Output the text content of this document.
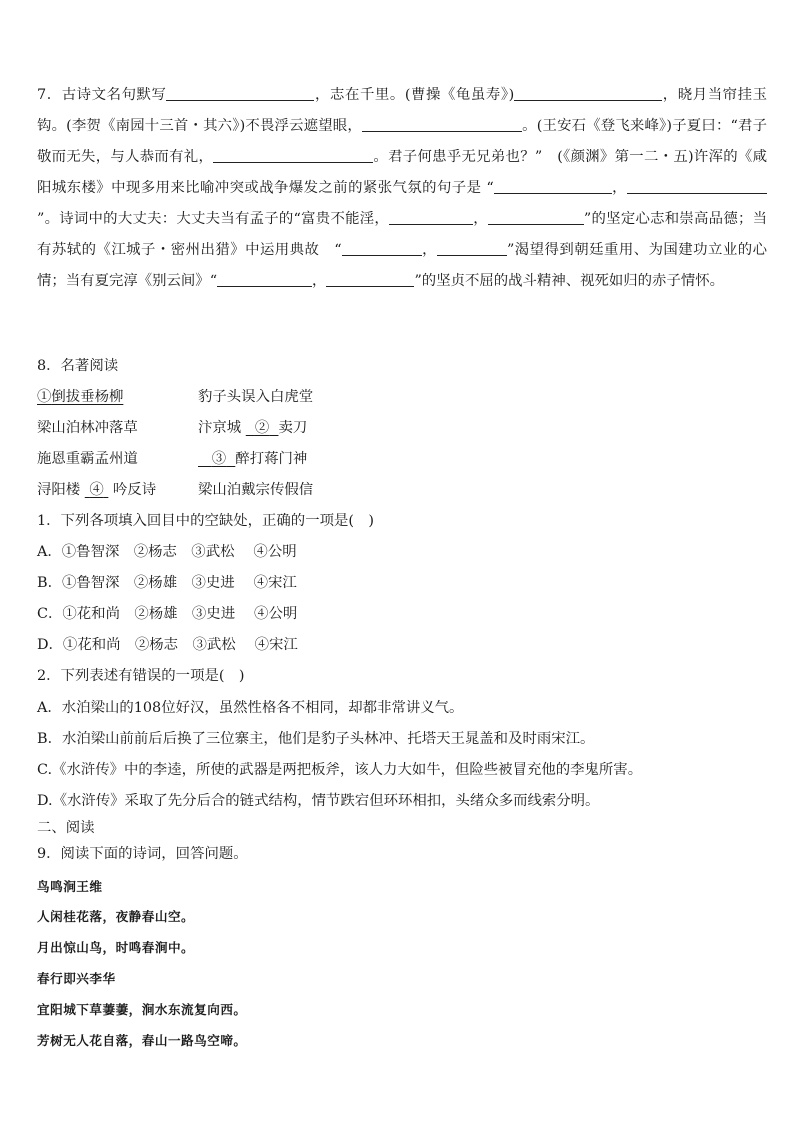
7．古诗文名句默写	，志在千里。(曹操《龟虽寿》)	，晓月当帘挂玉钩。(李贺《南园十三首・其六》)不畏浮云遮望眼，	。(王安石《登飞来峰》)子夏曰：“君子敬而无失，与人恭而有礼，	。君子何患乎无兄弟也？”　(《颜渊》第一二・五)许浑的《咸阳城东楼》中现多用来比喻冲突或战争爆发之前的紧张气氛的句子是 “	，”。诗词中的大丈夫：大丈夫当有孟子的“富贵不能淫，	，	”的坚定心志和崇高品德；当有苏轼的《江城子・密州出猎》中运用典故　“	，	”渴望得到朝廷重用、为国建功立业的心情；当有夏完淳《别云间》“	，	”的坚贞不屈的战斗精神、视死如归的赤子情怀。
8．名著阅读
①倒拔垂杨柳	豹子头误入白虎堂
梁山泊林冲落草	汴京城 ② 卖刀
施恩重霸孟州道	③ 醉打蒋门神
浔阳楼 ④ 吟反诗	梁山泊戴宗传假信
1．下列各项填入回目中的空缺处，正确的一项是(　)
A．①鲁智深　②杨志　③武松　 ④公明
B．①鲁智深　②杨雄　③史进　 ④宋江
C．①花和尚　②杨雄　③史进　 ④公明
D．①花和尚　②杨志　③武松　 ④宋江
2．下列表述有错误的一项是(　)
A．水泊梁山的108位好汉，虽然性格各不相同，却都非常讲义气。
B．水泊梁山前前后后换了三位寨主，他们是豹子头林冲、托塔天王晁盖和及时雨宋江。
C.《水浒传》中的李逵，所使的武器是两把板斧，该人力大如牛，但险些被冒充他的李鬼所害。
D.《水浒传》采取了先分后合的链式结构，情节跌宕但环环相扣，头绪众多而线索分明。
二、阅读
9．阅读下面的诗词，回答问题。
鸟鸣涧王维
人闲桂花落，夜静春山空。
月出惊山鸟，时鸣春涧中。
春行即兴李华
宜阳城下草萋萋，涧水东流复向西。
芳树无人花自落，春山一路鸟空啼。
